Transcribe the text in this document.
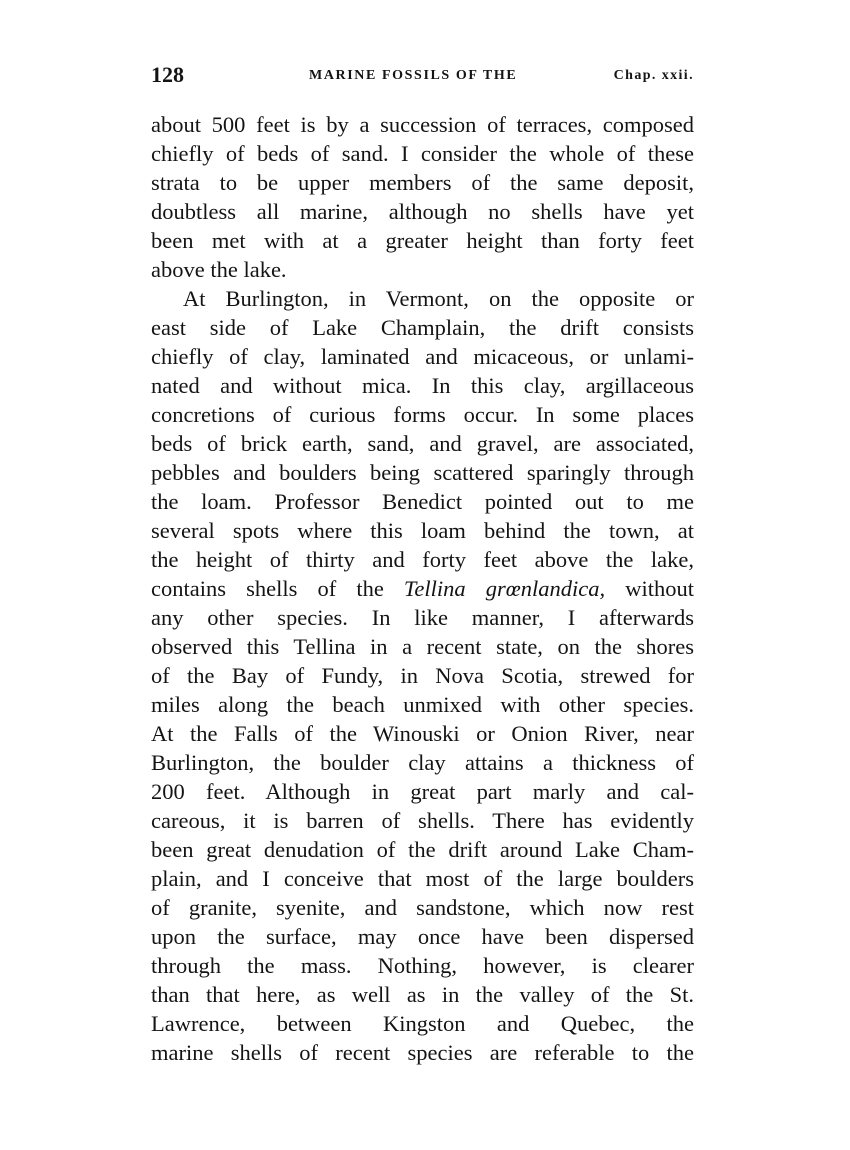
128	MARINE FOSSILS OF THE	Chap. xxii.
about 500 feet is by a succession of terraces, composed
chiefly of beds of sand. I consider the whole of these
strata to be upper members of the same deposit,
doubtless all marine, although no shells have yet
been met with at a greater height than forty feet
above the lake.
At Burlington, in Vermont, on the opposite or
east side of Lake Champlain, the drift consists
chiefly of clay, laminated and micaceous, or unlami-
nated and without mica. In this clay, argillaceous
concretions of curious forms occur. In some places
beds of brick earth, sand, and gravel, are associated,
pebbles and boulders being scattered sparingly through
the loam. Professor Benedict pointed out to me
several spots where this loam behind the town, at
the height of thirty and forty feet above the lake,
contains shells of the Tellina grœnlandica, without
any other species. In like manner, I afterwards
observed this Tellina in a recent state, on the shores
of the Bay of Fundy, in Nova Scotia, strewed for
miles along the beach unmixed with other species.
At the Falls of the Winouski or Onion River, near
Burlington, the boulder clay attains a thickness of
200 feet. Although in great part marly and cal-
careous, it is barren of shells. There has evidently
been great denudation of the drift around Lake Cham-
plain, and I conceive that most of the large boulders
of granite, syenite, and sandstone, which now rest
upon the surface, may once have been dispersed
through the mass. Nothing, however, is clearer
than that here, as well as in the valley of the St.
Lawrence, between Kingston and Quebec, the
marine shells of recent species are referable to the
